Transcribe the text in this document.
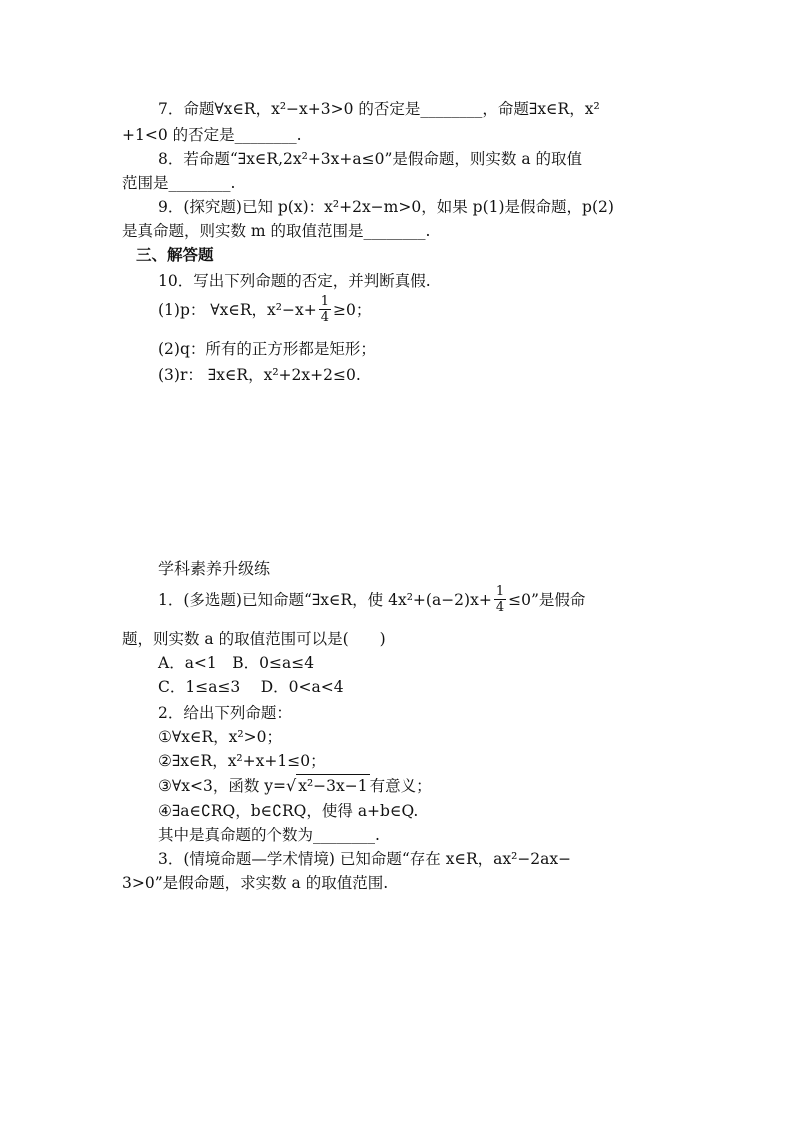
7．命题∀x∈R，x²−x+3>0 的否定是________，命题∃x∈R，x²
+1<0 的否定是________.
8．若命题“∃x∈R,2x²+3x+a≤0”是假命题，则实数 a 的取值
范围是________.
9．(探究题)已知 p(x)：x²+2x−m>0，如果 p(1)是假命题，p(2)
是真命题，则实数 m 的取值范围是________.
三、解答题
10．写出下列命题的否定，并判断真假.
(1)p： ∀x∈R，$x^2-x+ \frac{1}{4} \ge 0$；
(2)q：所有的正方形都是矩形；
(3)r： ∃x∈R，x²+2x+2≤0.
学科素养升级练
1．(多选题)已知命题“∃x∈R，使 $4x^2+(a-2)x+ \frac{1}{4} \le 0$”是假命
题，则实数 a 的取值范围可以是(　　)
A．a<1　B．0≤a≤4
C．1≤a≤3　 D．0<a<4
2．给出下列命题：
①∀x∈R，x²>0；
②∃x∈R，x²+x+1≤0；
③∀x<3，函数 y= √ x²−3x−1 有意义；
④∃a∈∁RQ，b∈∁RQ，使得 a+b∈Q.
其中是真命题的个数为________.
3．(情境命题—学术情境) 已知命题“存在 x∈R，ax²−2ax−
3>0”是假命题，求实数 a 的取值范围.
